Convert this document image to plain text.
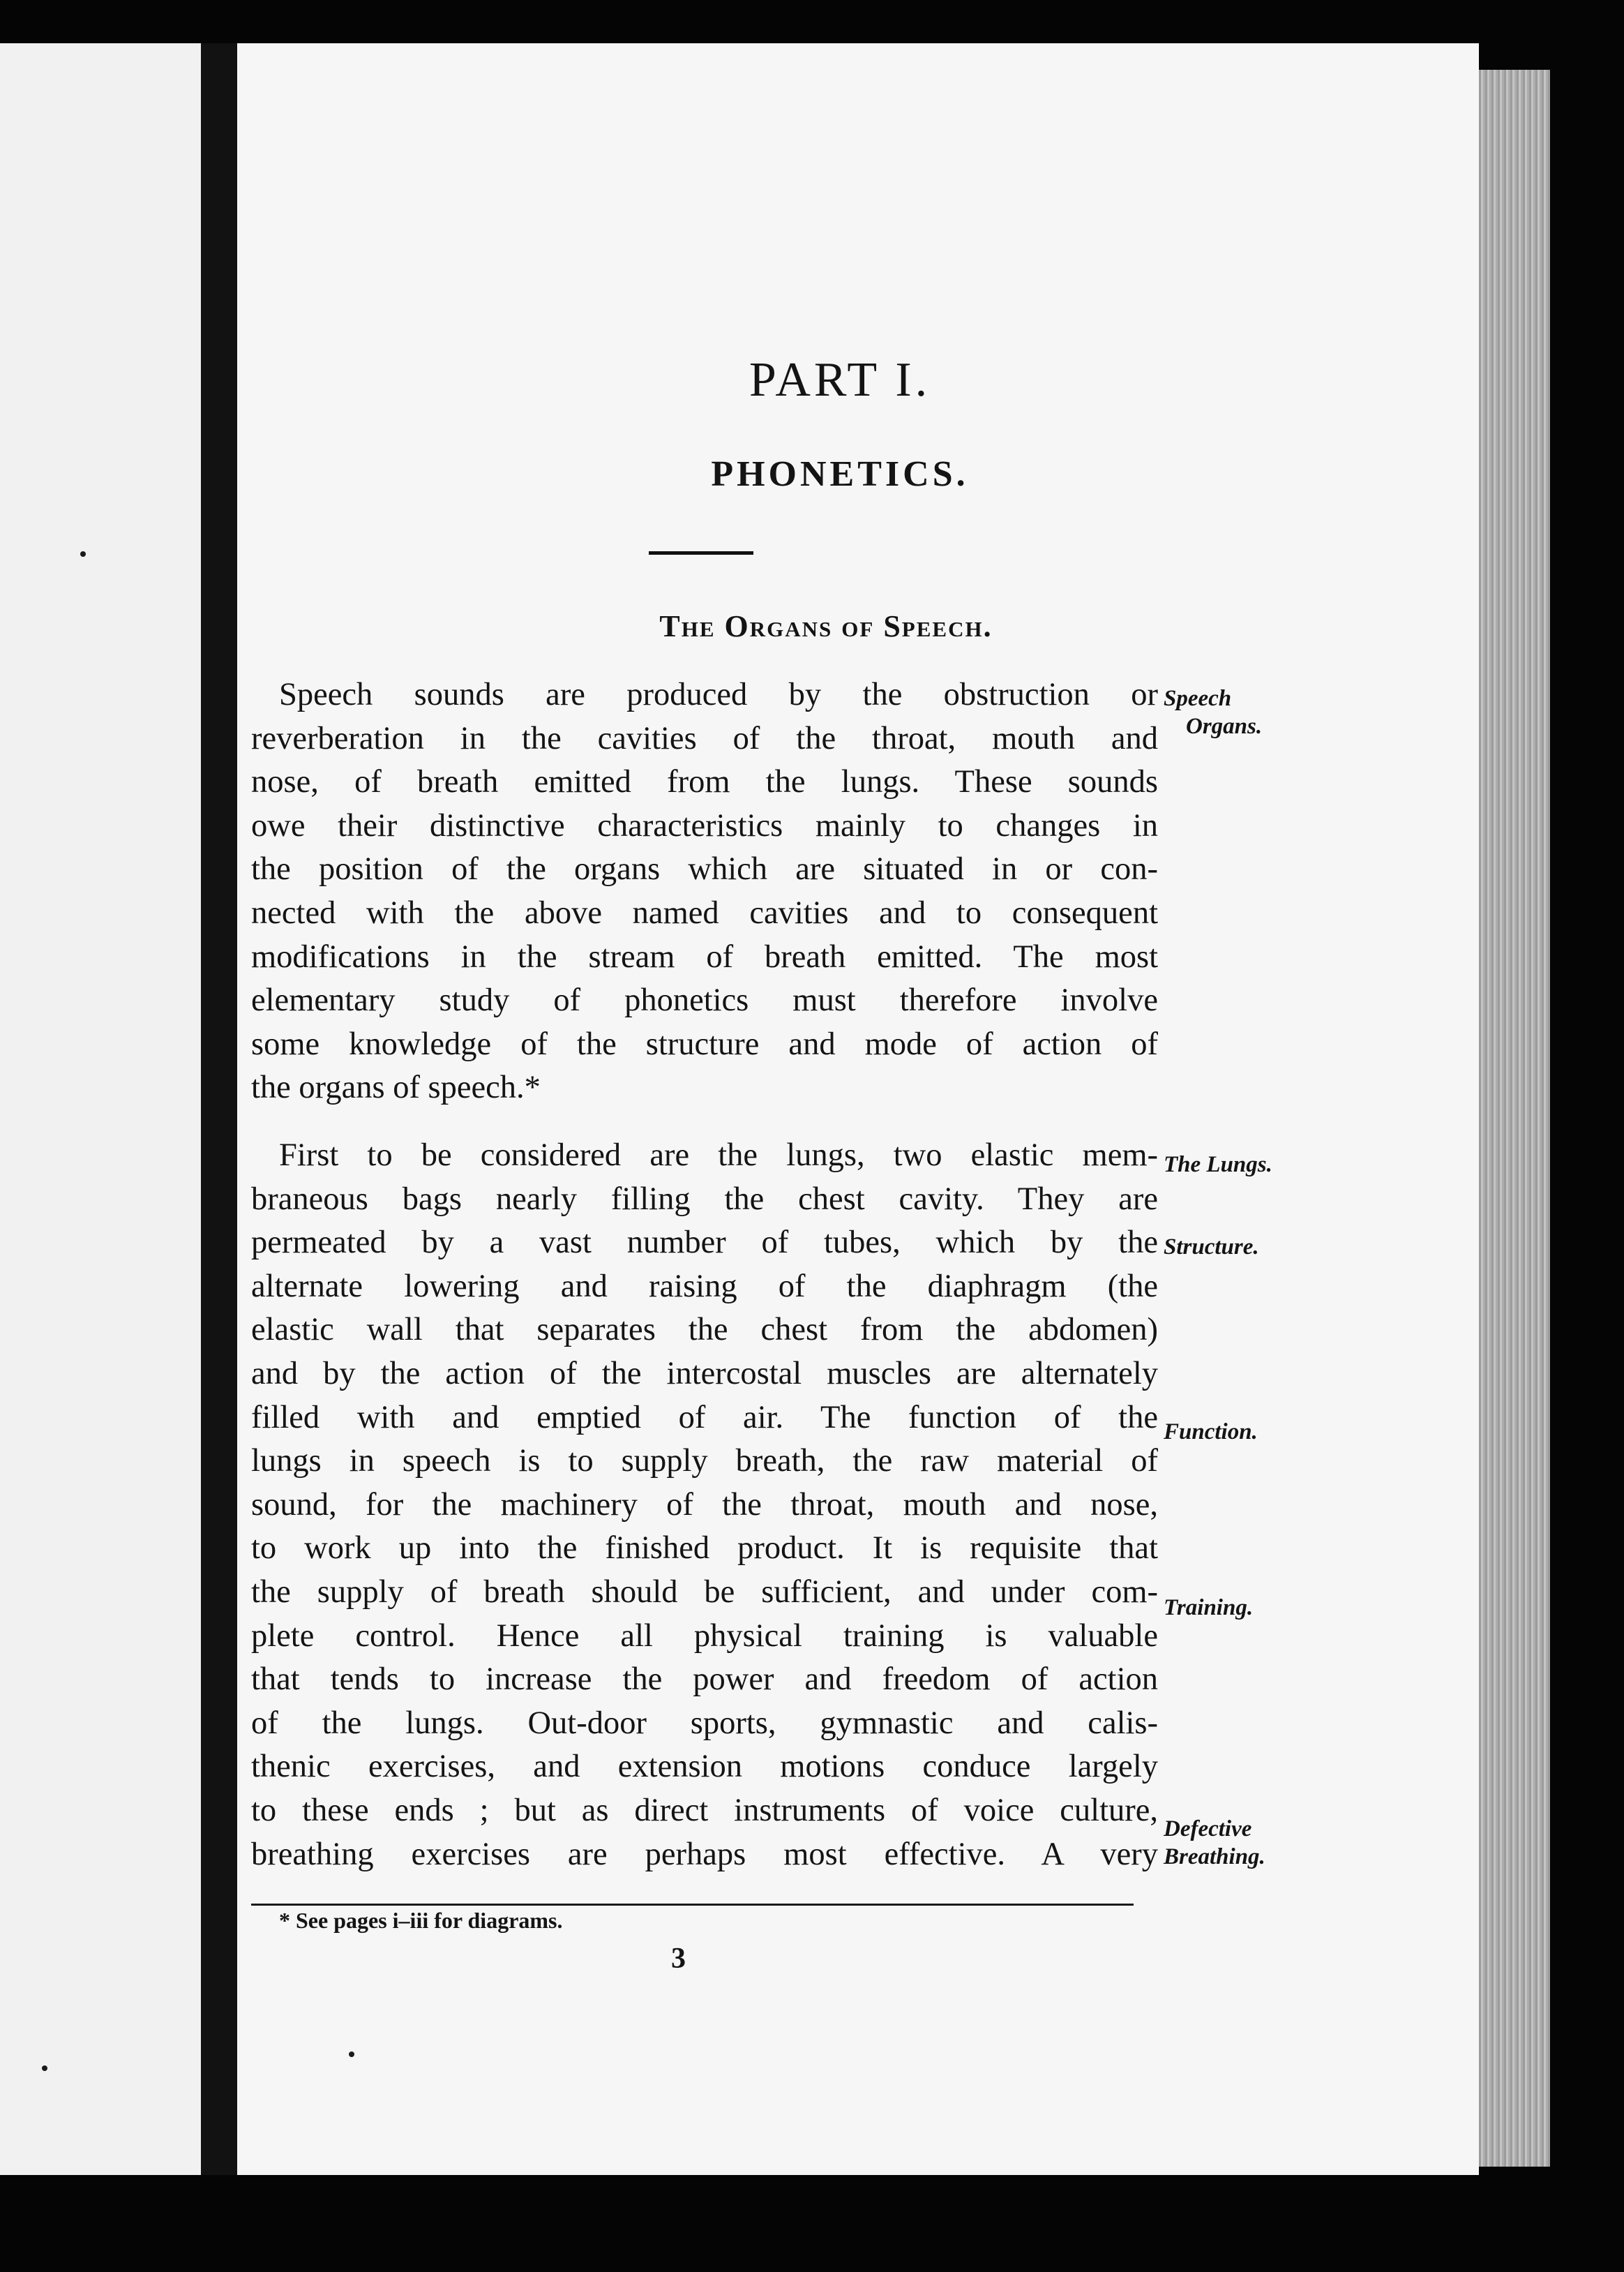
PART I.
PHONETICS.
The Organs of Speech.
Speech sounds are produced by the obstruction or
reverberation in the cavities of the throat, mouth and
nose, of breath emitted from the lungs. These sounds
owe their distinctive characteristics mainly to changes in
the position of the organs which are situated in or con-
nected with the above named cavities and to consequent
modifications in the stream of breath emitted. The most
elementary study of phonetics must therefore involve
some knowledge of the structure and mode of action of
the organs of speech.*
First to be considered are the lungs, two elastic mem-
braneous bags nearly filling the chest cavity. They are
permeated by a vast number of tubes, which by the
alternate lowering and raising of the diaphragm (the
elastic wall that separates the chest from the abdomen)
and by the action of the intercostal muscles are alternately
filled with and emptied of air. The function of the
lungs in speech is to supply breath, the raw material of
sound, for the machinery of the throat, mouth and nose,
to work up into the finished product. It is requisite that
the supply of breath should be sufficient, and under com-
plete control. Hence all physical training is valuable
that tends to increase the power and freedom of action
of the lungs. Out-door sports, gymnastic and calis-
thenic exercises, and extension motions conduce largely
to these ends ; but as direct instruments of voice culture,
breathing exercises are perhaps most effective. A very
Speech
Organs.
The Lungs.
Structure.
Function.
Training.
Defective
Breathing.
* See pages i–iii for diagrams.
3
